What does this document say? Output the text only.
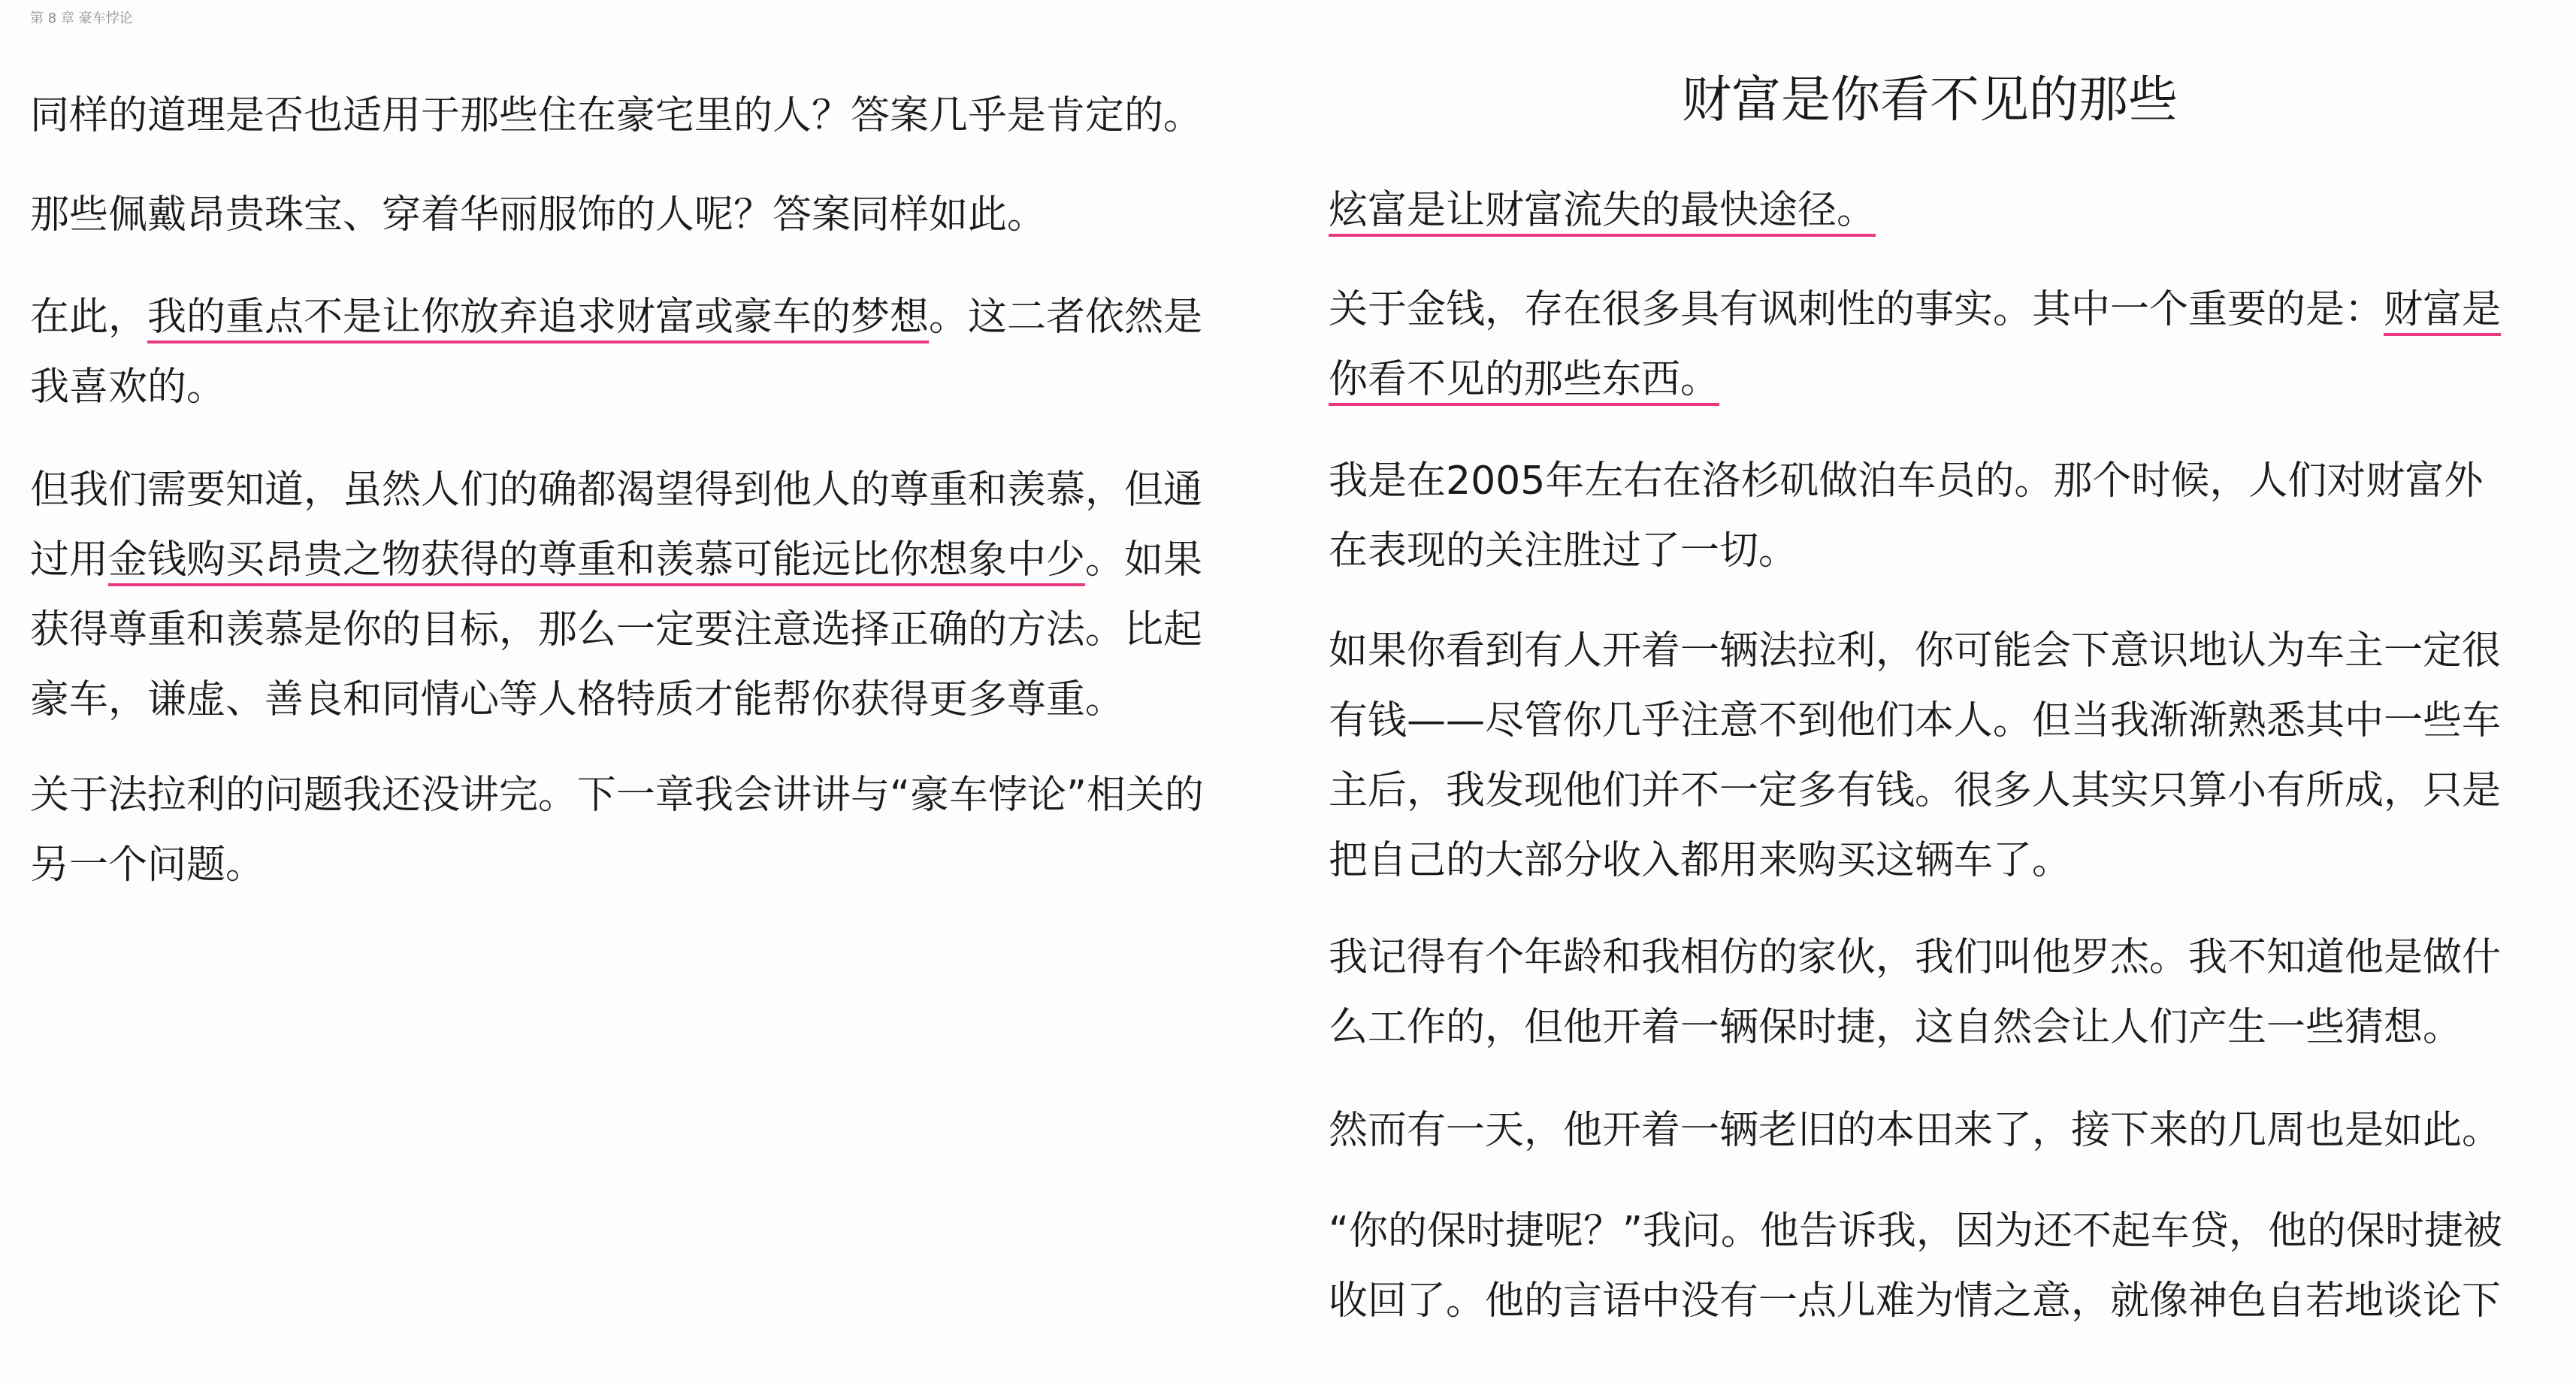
第 8 章 豪车悖论

同样的道理是否也适用于那些住在豪宅里的人？答案几乎是肯定的。

那些佩戴昂贵珠宝、穿着华丽服饰的人呢？答案同样如此。

在此，我的重点不是让你放弃追求财富或豪车的梦想。这二者依然是

我喜欢的。

但我们需要知道，虽然人们的确都渴望得到他人的尊重和羡慕，但通

过用金钱购买昂贵之物获得的尊重和羡慕可能远比你想象中少。如果

获得尊重和羡慕是你的目标，那么一定要注意选择正确的方法。比起

豪车，谦虚、善良和同情心等人格特质才能帮你获得更多尊重。

关于法拉利的问题我还没讲完。下一章我会讲讲与“豪车悖论”相关的

另一个问题。

财富是你看不见的那些

炫富是让财富流失的最快途径。

关于金钱，存在很多具有讽刺性的事实。其中一个重要的是：财富是

你看不见的那些东西。

我是在2005年左右在洛杉矶做泊车员的。那个时候，人们对财富外

在表现的关注胜过了一切。

如果你看到有人开着一辆法拉利，你可能会下意识地认为车主一定很

有钱——尽管你几乎注意不到他们本人。但当我渐渐熟悉其中一些车

主后，我发现他们并不一定多有钱。很多人其实只算小有所成，只是

把自己的大部分收入都用来购买这辆车了。

我记得有个年龄和我相仿的家伙，我们叫他罗杰。我不知道他是做什

么工作的，但他开着一辆保时捷，这自然会让人们产生一些猜想。

然而有一天，他开着一辆老旧的本田来了，接下来的几周也是如此。

“你的保时捷呢？”我问。他告诉我，因为还不起车贷，他的保时捷被

收回了。他的言语中没有一点儿难为情之意，就像神色自若地谈论下
